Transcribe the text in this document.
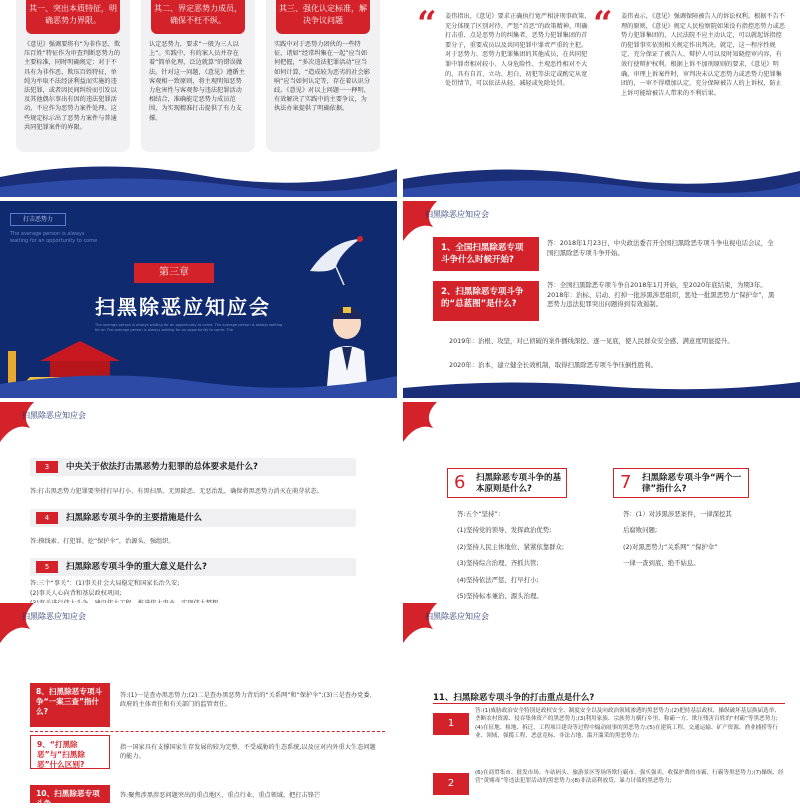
其一、突出本质特征，明确恶势力界限。
《意见》强调要将有“为非作恶、欺压百姓”特征作为审查判断恶势力的主要标准，同时明确规定：对于不具有为非作恶、欺压百姓特征，单纯为牟取不法经济利益而实施的违法犯罪，或者因民间纠纷而引发以及其他偶尔事出有因的违法犯罪活动，不应作为恶势力案件处理。这些规定标示出了恶势力案件与普通共同犯罪案件的界限。
其二、界定恶势力成员，确保不枉不纵。
认定恶势力，要求“一般为三人以上”。实践中，有的案人员并存在着“简单化理、泛边就算”的错误做法。针对这一问题，《意见》遵循主客观相一致原则，将主观明知恶势力危害性与客观参与违法犯罪活动相结合，准确能定恶势力成员范围，为实现精准打击提供了有力支撑。
其三、强化认定标准，解决争议问题
实践中对于恶势力团伙的一些特征，诸如“经常纠集在一起”应当如何把握，“多次违法犯罪活动”应当如何计算，“造成较为恶劣的社会影响”应当如何认定等，存在着认识分歧。《意见》对以上问题一一释明，有效解决了实践中的主要争议，为执法办案提供了明确依据。
“ 姜伟指出，《意见》要求正确执行宽严相济刑事政策，充分体现了区别对待、严惩“首恶”的政策精神，明确打击重、点是恶势力的纠集者、恶势力犯罪集团的首要分子，重要成员以及共同犯罪中罪责严重的主犯。对于恶势力、恶势力犯罪集团的其他成员，在共同犯罪中罪责相对较小、人身危险性、主观恶性相对不大的，具有自首、立功、坦白、初犯等法定或酌定从宽处罚情节，可以依法从轻、减轻或免除处罚。
“ 姜伟表示，《意见》强调保障被告人的诉讼权利。根据不告不理的原则，《意见》规定人民检察院如果没有指控恶势力或恶势力犯罪集团的，人民法院不应主动认定，可以就起诉指控的犯罪事实依照相关规定作出判决。就定，这一程序性规定，充分保证了被告人、辩护人可以及时知晓控审内容，有效行使辩护权利。根据上诉不加刑原则的要求，《意见》明确，审理上诉案件时，审判决未认定恶势力或恶势力犯罪集团的，一审不得增加认定，充分保障被告人的上诉权，防止上诉可能给被告人带来的不利后果。
打击恶势力
The average person is always waiting for an opportunity to come
第三章
扫黑除恶应知应会
The average person is always waiting for an opportunity to come. The average person is always waiting for an The average person is always waiting for an opportunity to come. The
扫黑除恶应知应会
1、全国扫黑除恶专项斗争什么时候开始?
答：2018年1月23日，中央政法委召开全国扫黑除恶专项斗争电视电话会议，全国扫黑除恶专项斗争开始。
2、扫黑除恶专项斗争的“总蓝图”是什么?
答：全国扫黑除恶专项斗争自2018年1月开始，至2020年底结束，为期3年。2018年：治标、启动、打掉一批涉黑涉恶组织，惩处一批黑恶势力“保护伞”，黑恶势力违法犯罪突出问题得到有效遏制。
2019年：治根、攻坚，对已侦破的案件播线深挖、逐一见底，使人民群众安全感、满意度明显提升。
2020年：治本，建立健全长效机制，取得扫黑除恶专项斗争压倒性胜利。
扫黑除恶应知应会
3	中央关于依法打击黑恶势力犯罪的总体要求是什么?
答:打击黑恶势力犯罪要坚持打早打小、有黑扫黑、无黑除恶、无恶治乱，确保将黑恶势力消灭在萌芽状态。
4	扫黑除恶专项斗争的主要措施是什么
答:摸线索、打犯罪、挖“保护伞”，治源头、强组织。
5	扫黑除恶专项斗争的重大意义是什么?
答:三个“事关”：(1)事关社会大局稳定和国家长治久安;
(2)事关人心向背和基层政权巩固;
6 扫黑除恶专项斗争的基本原则是什么?	7 扫黑除恶专项斗争“两个一律”指什么?
答:五个“坚持”：
(1)坚持党的领导、发挥政治优势;
(2)坚持人民主体地位、紧紧依靠群众;
(3)坚持综合治理、齐抓共管;
(4)坚持依法严惩、打早打小;
(5)坚持标本兼治、源头治理。
答：(1）对涉黑涉恶案件，一律深挖其
后腐败问题;
(2)对黑恶势力“关系网” “保护伞”
一律一查到底、绝不姑息。
扫黑除恶应知应会
8、扫黑除恶专项斗争“一案三查”指什么?
答:(1)一是查办黑恶势力;(2)二是查办黑恶势力背后的“关系网”和“保护伞”;(3)三是查办党委、政府的主体责任和有关部门的监管责任。
9、“打黑除恶”与“扫黑除恶”什么区别?
指一国家具有支撑国家生存发展的较为完整、不受威胁的生态系统,以及应对内外重大生态问题的能力。
10、扫黑除恶专项斗争
答:聚焦涉黑涉恶问题突出的重点地区、重点行业、重点领域，把打击锋芒
扫黑除恶应知应会
11、扫黑除恶专项斗争的打击重点是什么?
1
答:(1)威胁政治安全特别是政权安全、制度安全以及向政治领域渗透的黑恶势力;(2)把持基层政权、操纵破坏基层换届选举、垄断农村资源、侵吞集体资产的黑恶势力;(3)利用家族、宗族势力横行乡里、称霸一方、欺压残害百姓的“村霸”等黑恶势力;(4)在征地、租地、拆迁、工程项目建设等过程中煽动闹事的黑恶势力;(5)在建筑工程、交通运输、矿产资源、渔业捕捞等行业、领域，强揽工程、恶意竞标、非法占地、滥开滥采的黑恶势力;
2
(6)在商贸集市、批发市场、车站码头、旅游景区等场所欺行霸市、强买强卖、收保护费的市霸、行霸等黑恶势力;(7)操纵、经营“黄赌毒”等违法犯罪活动的黑恶势力;(8)非法高利放贷、暴力讨债的黑恶势力;
